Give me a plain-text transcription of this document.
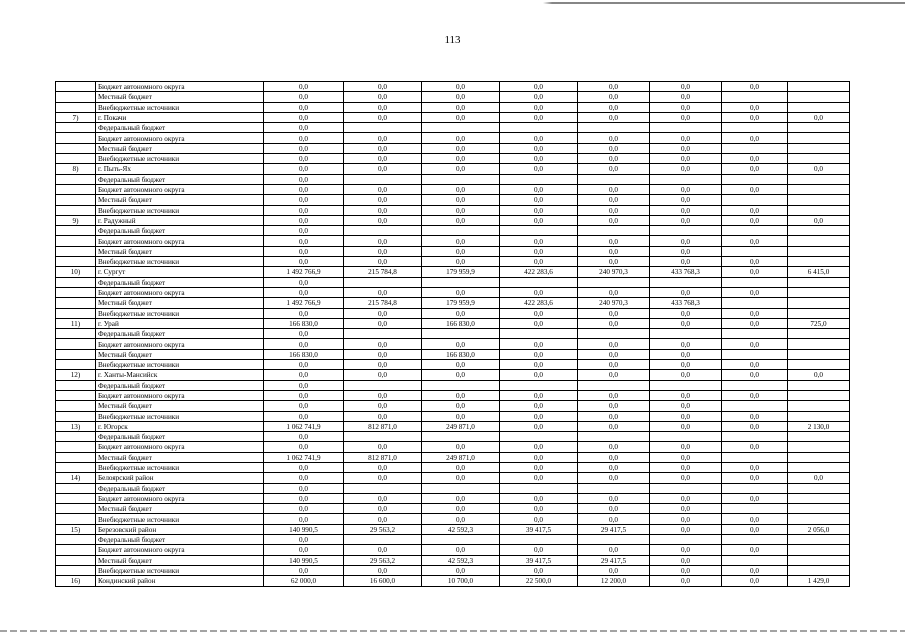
113
	Бюджет автономного округа	0,0	0,0	0,0	0,0	0,0	0,0	0,0	
	Местный бюджет	0,0	0,0	0,0	0,0	0,0	0,0		
	Внебюджетные источники	0,0	0,0	0,0	0,0	0,0	0,0	0,0	
7)	г. Покачи	0,0	0,0	0,0	0,0	0,0	0,0	0,0	0,0
	Федеральный бюджет	0,0							
	Бюджет автономного округа	0,0	0,0	0,0	0,0	0,0	0,0	0,0	
	Местный бюджет	0,0	0,0	0,0	0,0	0,0	0,0		
	Внебюджетные источники	0,0	0,0	0,0	0,0	0,0	0,0	0,0	
8)	г. Пыть-Ях	0,0	0,0	0,0	0,0	0,0	0,0	0,0	0,0
	Федеральный бюджет	0,0							
	Бюджет автономного округа	0,0	0,0	0,0	0,0	0,0	0,0	0,0	
	Местный бюджет	0,0	0,0	0,0	0,0	0,0	0,0		
	Внебюджетные источники	0,0	0,0	0,0	0,0	0,0	0,0	0,0	
9)	г. Радужный	0,0	0,0	0,0	0,0	0,0	0,0	0,0	0,0
	Федеральный бюджет	0,0							
	Бюджет автономного округа	0,0	0,0	0,0	0,0	0,0	0,0	0,0	
	Местный бюджет	0,0	0,0	0,0	0,0	0,0	0,0		
	Внебюджетные источники	0,0	0,0	0,0	0,0	0,0	0,0	0,0	
10)	г. Сургут	1 492 766,9	215 784,8	179 959,9	422 283,6	240 970,3	433 768,3	0,0	6 415,0
	Федеральный бюджет	0,0							
	Бюджет автономного округа	0,0	0,0	0,0	0,0	0,0	0,0	0,0	
	Местный бюджет	1 492 766,9	215 784,8	179 959,9	422 283,6	240 970,3	433 768,3		
	Внебюджетные источники	0,0	0,0	0,0	0,0	0,0	0,0	0,0	
11)	г. Урай	166 830,0	0,0	166 830,0	0,0	0,0	0,0	0,0	725,0
	Федеральный бюджет	0,0							
	Бюджет автономного округа	0,0	0,0	0,0	0,0	0,0	0,0	0,0	
	Местный бюджет	166 830,0	0,0	166 830,0	0,0	0,0	0,0		
	Внебюджетные источники	0,0	0,0	0,0	0,0	0,0	0,0	0,0	
12)	г. Ханты-Мансийск	0,0	0,0	0,0	0,0	0,0	0,0	0,0	0,0
	Федеральный бюджет	0,0							
	Бюджет автономного округа	0,0	0,0	0,0	0,0	0,0	0,0	0,0	
	Местный бюджет	0,0	0,0	0,0	0,0	0,0	0,0		
	Внебюджетные источники	0,0	0,0	0,0	0,0	0,0	0,0	0,0	
13)	г. Югорск	1 062 741,9	812 871,0	249 871,0	0,0	0,0	0,0	0,0	2 130,0
	Федеральный бюджет	0,0							
	Бюджет автономного округа	0,0	0,0	0,0	0,0	0,0	0,0	0,0	
	Местный бюджет	1 062 741,9	812 871,0	249 871,0	0,0	0,0	0,0		
	Внебюджетные источники	0,0	0,0	0,0	0,0	0,0	0,0	0,0	
14)	Белоярский район	0,0	0,0	0,0	0,0	0,0	0,0	0,0	0,0
	Федеральный бюджет	0,0							
	Бюджет автономного округа	0,0	0,0	0,0	0,0	0,0	0,0	0,0	
	Местный бюджет	0,0	0,0	0,0	0,0	0,0	0,0		
	Внебюджетные источники	0,0	0,0	0,0	0,0	0,0	0,0	0,0	
15)	Березовский район	140 990,5	29 563,2	42 592,3	39 417,5	29 417,5	0,0	0,0	2 056,0
	Федеральный бюджет	0,0							
	Бюджет автономного округа	0,0	0,0	0,0	0,0	0,0	0,0	0,0	
	Местный бюджет	140 990,5	29 563,2	42 592,3	39 417,5	29 417,5	0,0		
	Внебюджетные источники	0,0	0,0	0,0	0,0	0,0	0,0	0,0	
16)	Кондинский район	62 000,0	16 600,0	10 700,0	22 500,0	12 200,0	0,0	0,0	1 429,0
